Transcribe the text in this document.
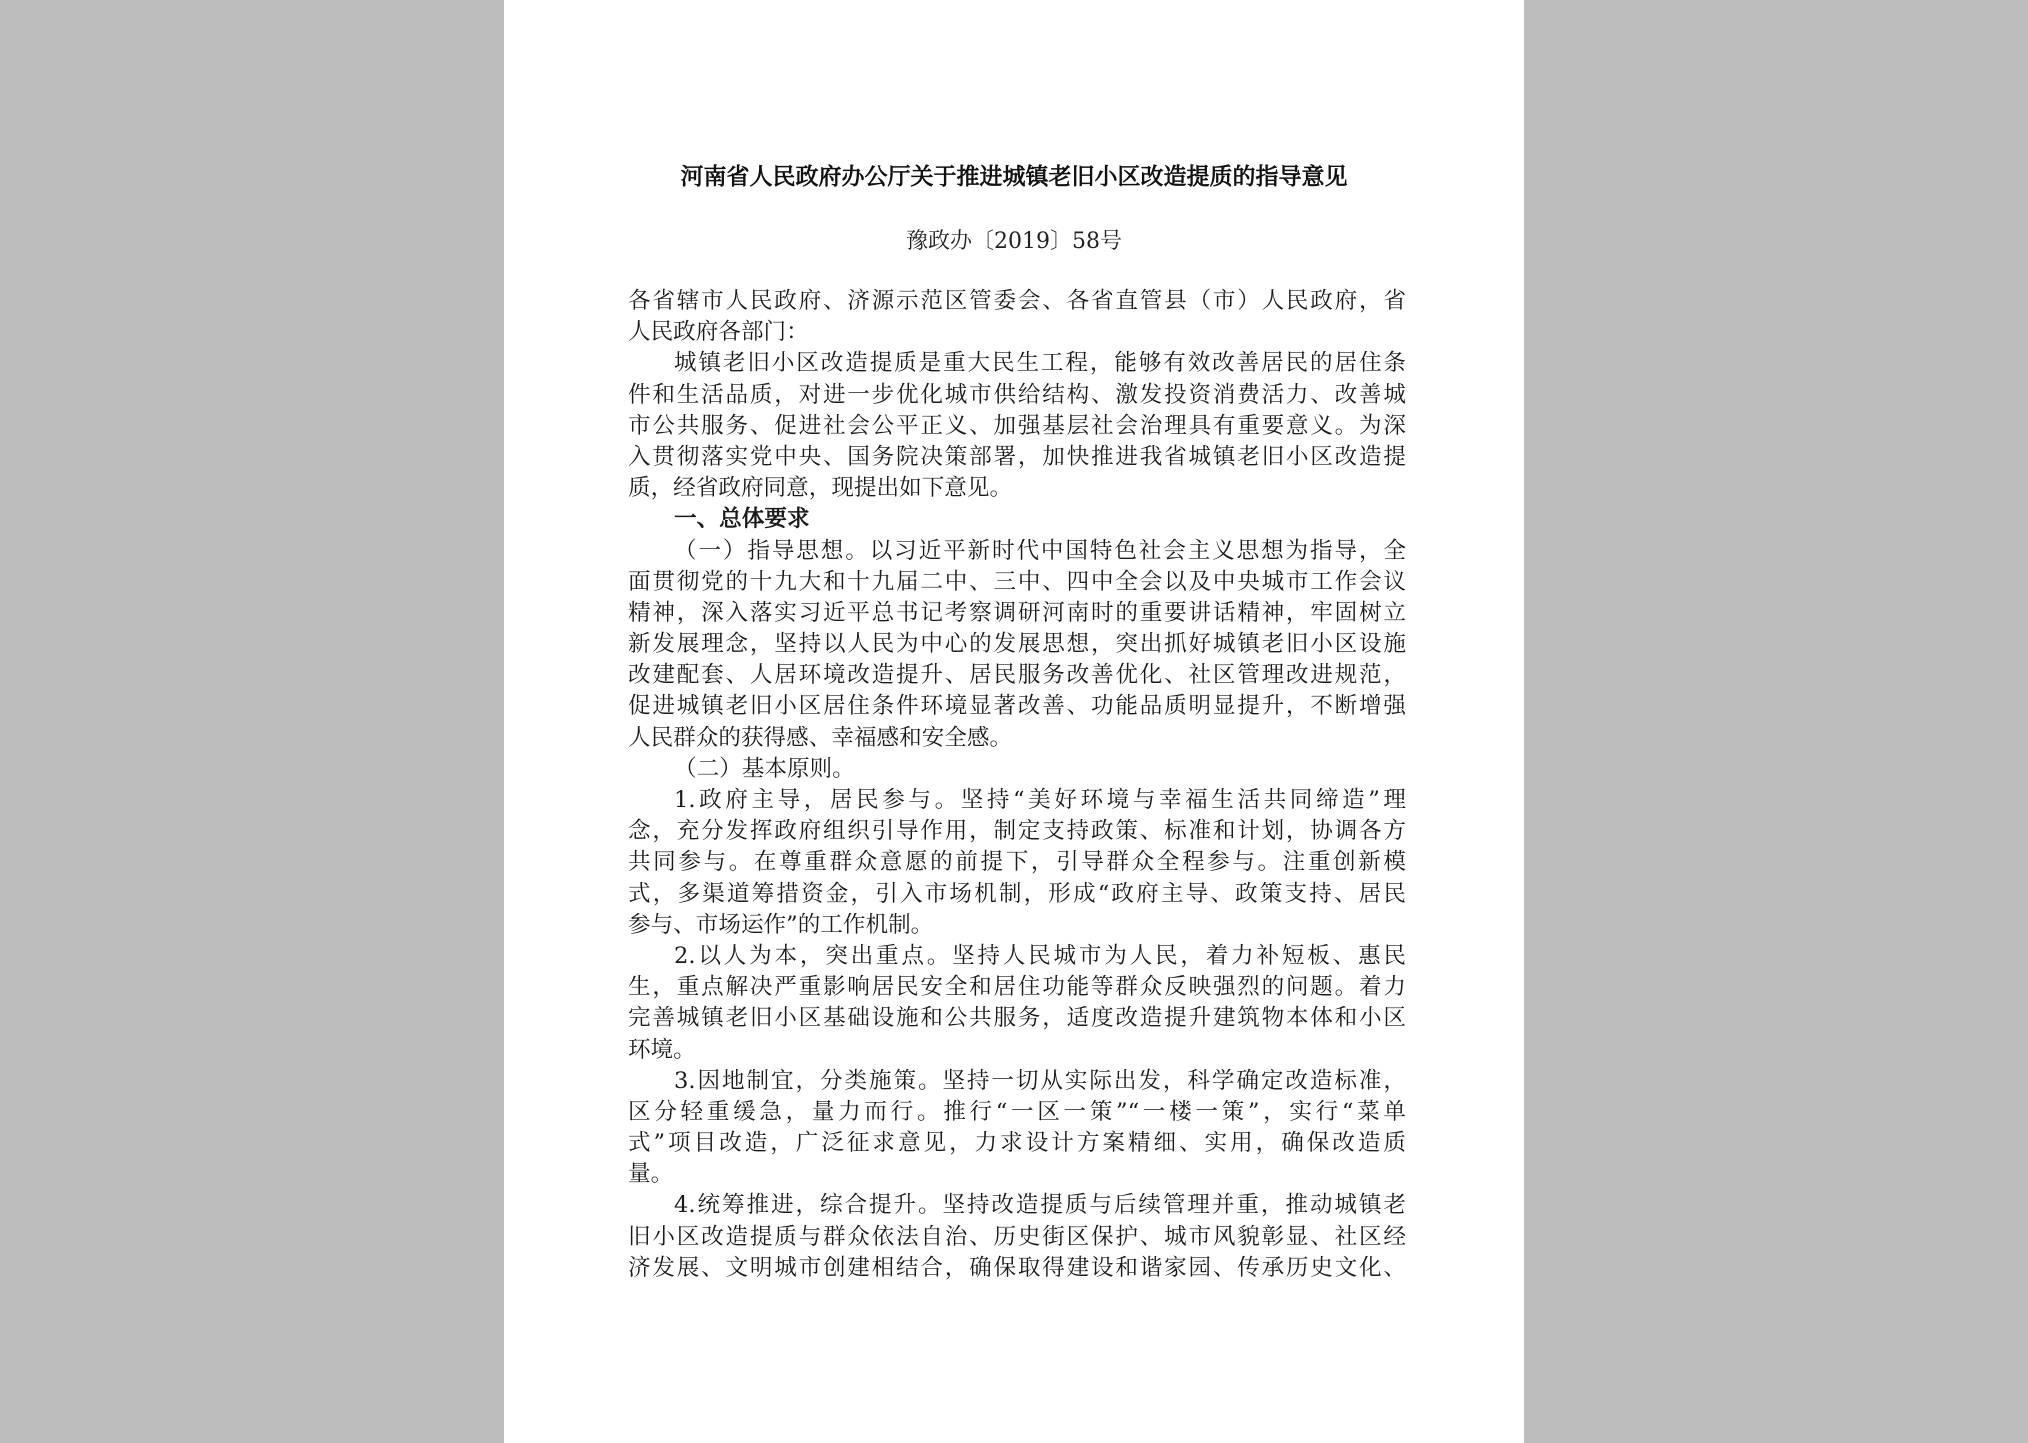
河南省人民政府办公厅关于推进城镇老旧小区改造提质的指导意见
豫政办〔2019〕58号
各省辖市人民政府、济源示范区管委会、各省直管县（市）人民政府，省
人民政府各部门：
城镇老旧小区改造提质是重大民生工程，能够有效改善居民的居住条
件和生活品质，对进一步优化城市供给结构、激发投资消费活力、改善城
市公共服务、促进社会公平正义、加强基层社会治理具有重要意义。为深
入贯彻落实党中央、国务院决策部署，加快推进我省城镇老旧小区改造提
质，经省政府同意，现提出如下意见。
一、总体要求
（一）指导思想。以习近平新时代中国特色社会主义思想为指导，全
面贯彻党的十九大和十九届二中、三中、四中全会以及中央城市工作会议
精神，深入落实习近平总书记考察调研河南时的重要讲话精神，牢固树立
新发展理念，坚持以人民为中心的发展思想，突出抓好城镇老旧小区设施
改建配套、人居环境改造提升、居民服务改善优化、社区管理改进规范，
促进城镇老旧小区居住条件环境显著改善、功能品质明显提升，不断增强
人民群众的获得感、幸福感和安全感。
（二）基本原则。
1.政府主导，居民参与。坚持“美好环境与幸福生活共同缔造”理
念，充分发挥政府组织引导作用，制定支持政策、标准和计划，协调各方
共同参与。在尊重群众意愿的前提下，引导群众全程参与。注重创新模
式，多渠道筹措资金，引入市场机制，形成“政府主导、政策支持、居民
参与、市场运作”的工作机制。
2.以人为本，突出重点。坚持人民城市为人民，着力补短板、惠民
生，重点解决严重影响居民安全和居住功能等群众反映强烈的问题。着力
完善城镇老旧小区基础设施和公共服务，适度改造提升建筑物本体和小区
环境。
3.因地制宜，分类施策。坚持一切从实际出发，科学确定改造标准，
区分轻重缓急，量力而行。推行“一区一策”“一楼一策”，实行“菜单
式”项目改造，广泛征求意见，力求设计方案精细、实用，确保改造质
量。
4.统筹推进，综合提升。坚持改造提质与后续管理并重，推动城镇老
旧小区改造提质与群众依法自治、历史街区保护、城市风貌彰显、社区经
济发展、文明城市创建相结合，确保取得建设和谐家园、传承历史文化、
